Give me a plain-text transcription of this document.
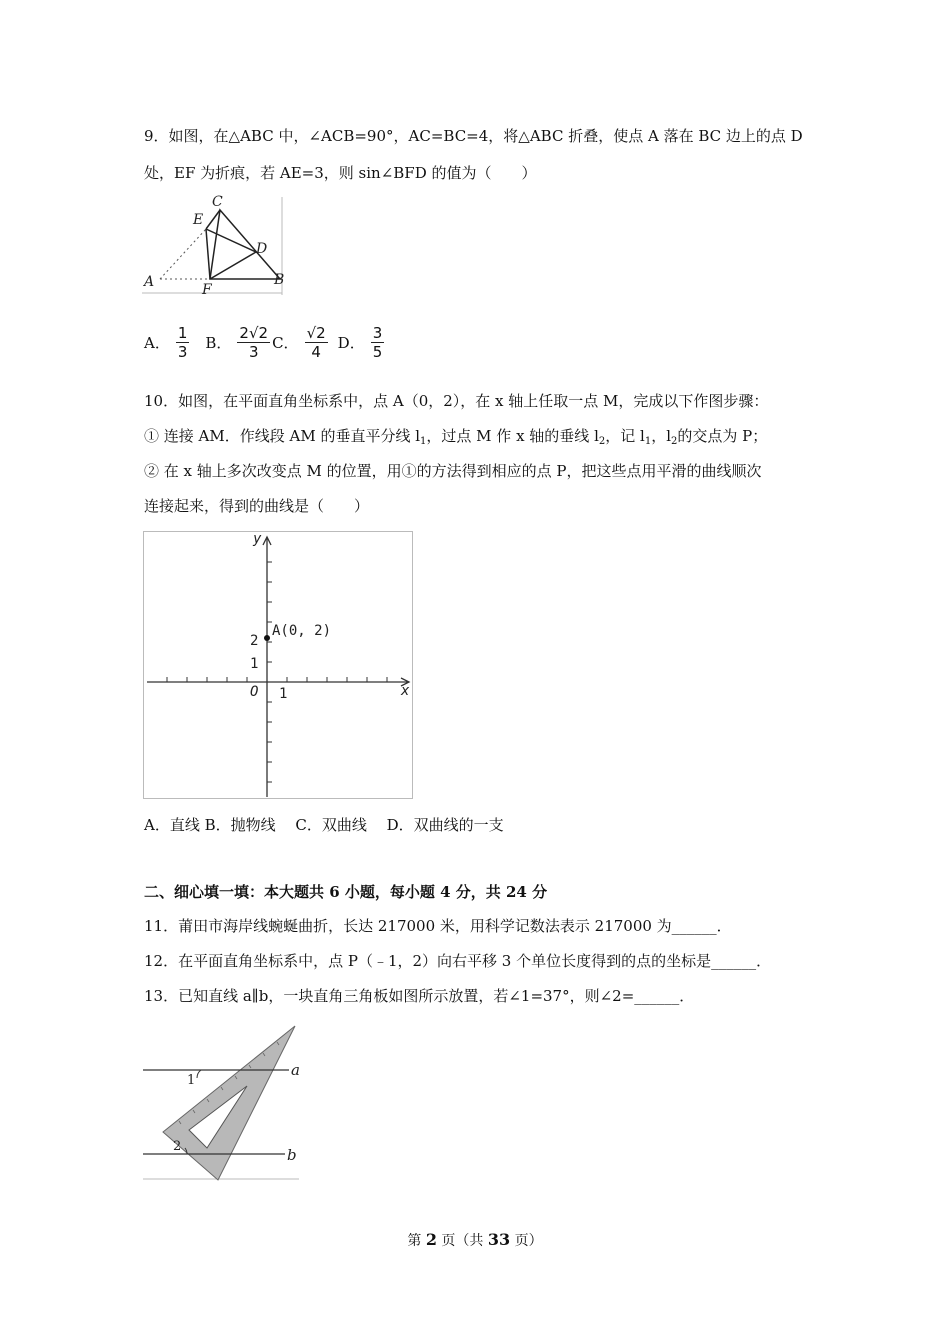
9．如图，在△ABC 中，∠ACB=90°，AC=BC=4，将△ABC 折叠，使点 A 落在 BC 边上的点 D
处，EF 为折痕，若 AE=3，则 sin∠BFD 的值为（　　）
C
E
D
A	B
F
A． $\frac{1}{3}$ B． $\frac{2√2}{3}$ C． $\frac{√2}{4}$ D． $\frac{3}{5}$
10．如图，在平面直角坐标系中，点 A（0，2），在 x 轴上任取一点 M，完成以下作图步骤：
① 连接 AM．作线段 AM 的垂直平分线 $l_1$，过点 M 作 x 轴的垂线 $l_2$，记 $l_1$，$l_2$的交点为 P；
② 在 x 轴上多次改变点 M 的位置，用①的方法得到相应的点 P，把这些点用平滑的曲线顺次
连接起来，得到的曲线是（　　）
y
x
O 1
1
2
A(0, 2)
A．直线 B．抛物线　 C．双曲线　 D．双曲线的一支
二、细心填一填：本大题共 6 小题，每小题 4 分，共 24 分
11．莆田市海岸线蜿蜒曲折，长达 217000 米，用科学记数法表示 217000 为______．
12．在平面直角坐标系中，点 P（﹣1，2）向右平移 3 个单位长度得到的点的坐标是______．
13．已知直线 a∥b，一块直角三角板如图所示放置，若∠1=37°，则∠2=______．
1
2
a
b
第 2 页（共 33 页）
